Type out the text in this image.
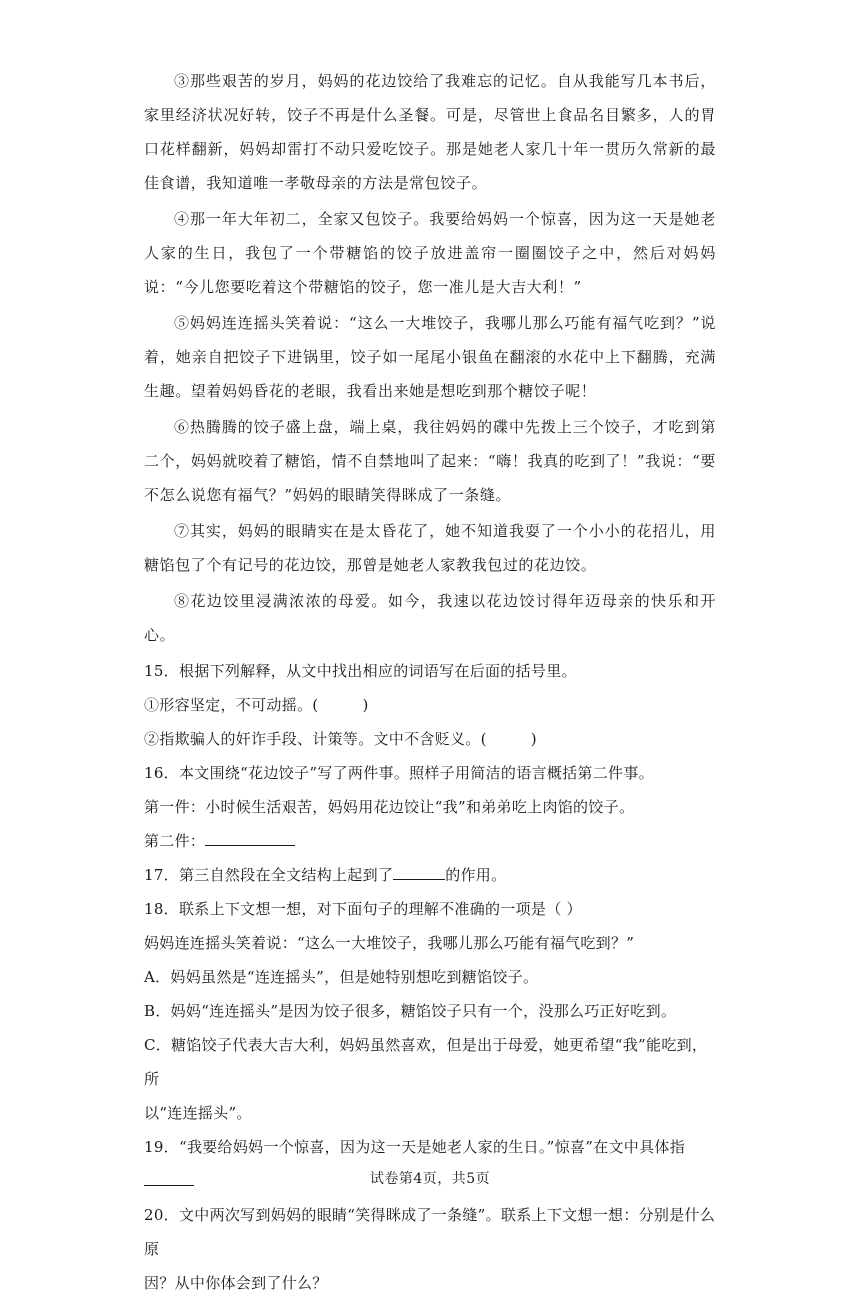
③那些艰苦的岁月，妈妈的花边饺给了我难忘的记忆。自从我能写几本书后，家里经济状况好转，饺子不再是什么圣餐。可是，尽管世上食品名目繁多，人的胃口花样翻新，妈妈却雷打不动只爱吃饺子。那是她老人家几十年一贯历久常新的最佳食谱，我知道唯一孝敬母亲的方法是常包饺子。

④那一年大年初二，全家又包饺子。我要给妈妈一个惊喜，因为这一天是她老人家的生日，我包了一个带糖馅的饺子放进盖帘一圈圈饺子之中，然后对妈妈说：“今儿您要吃着这个带糖馅的饺子，您一准儿是大吉大利！”

⑤妈妈连连摇头笑着说：“这么一大堆饺子，我哪儿那么巧能有福气吃到？”说着，她亲自把饺子下进锅里，饺子如一尾尾小银鱼在翻滚的水花中上下翻腾，充满生趣。望着妈妈昏花的老眼，我看出来她是想吃到那个糖饺子呢！

⑥热腾腾的饺子盛上盘，端上桌，我往妈妈的碟中先拨上三个饺子，才吃到第二个，妈妈就咬着了糖馅，情不自禁地叫了起来：“嗨！我真的吃到了！”我说：“要不怎么说您有福气？”妈妈的眼睛笑得眯成了一条缝。

⑦其实，妈妈的眼睛实在是太昏花了，她不知道我耍了一个小小的花招儿，用糖馅包了个有记号的花边饺，那曾是她老人家教我包过的花边饺。

⑧花边饺里浸满浓浓的母爱。如今，我速以花边饺讨得年迈母亲的快乐和开心。

15．根据下列解释，从文中找出相应的词语写在后面的括号里。

①形容坚定，不可动摇。(	)

②指欺骗人的奸诈手段、计策等。文中不含贬义。(	)

16．本文围绕“花边饺子”写了两件事。照样子用简洁的语言概括第二件事。

第一件：小时候生活艰苦，妈妈用花边饺让“我”和弟弟吃上肉馅的饺子。

第二件：

17．第三自然段在全文结构上起到了	的作用。

18．联系上下文想一想，对下面句子的理解不准确的一项是（ ）

妈妈连连摇头笑着说：“这么一大堆饺子，我哪儿那么巧能有福气吃到？”

A．妈妈虽然是“连连摇头”，但是她特别想吃到糖馅饺子。

B．妈妈“连连摇头”是因为饺子很多，糖馅饺子只有一个，没那么巧正好吃到。

C．糖馅饺子代表大吉大利，妈妈虽然喜欢，但是出于母爱，她更希望“我”能吃到，所

以“连连摇头”。

19．“我要给妈妈一个惊喜，因为这一天是她老人家的生日。”惊喜”在文中具体指

20．文中两次写到妈妈的眼睛“笑得眯成了一条缝”。联系上下文想一想：分别是什么原

因？从中你体会到了什么？

试卷第4页，共5页
